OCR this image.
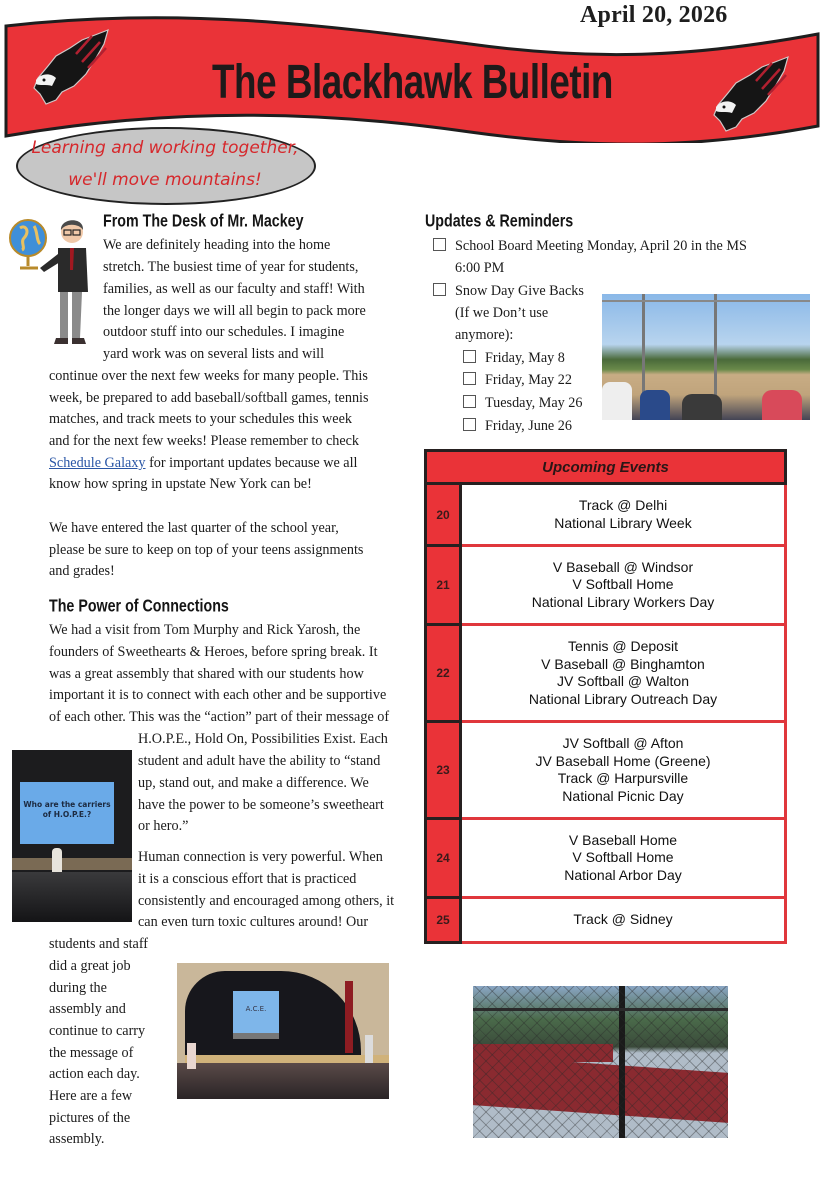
April 20, 2026
The Blackhawk Bulletin
Learning and working together,
we'll move mountains!
From The Desk of Mr. Mackey
We are definitely heading into the home
stretch. The busiest time of year for students,
families, as well as our faculty and staff! With
the longer days we will all begin to pack more
outdoor stuff into our schedules. I imagine
yard work was on several lists and will
continue over the next few weeks for many people. This
week, be prepared to add baseball/softball games, tennis
matches, and track meets to your schedules this week
and for the next few weeks! Please remember to check
Schedule Galaxy for important updates because we all
know how spring in upstate New York can be!
We have entered the last quarter of the school year,
please be sure to keep on top of your teens assignments
and grades!
The Power of Connections
We had a visit from Tom Murphy and Rick Yarosh, the
founders of Sweethearts & Heroes, before spring break. It
was a great assembly that shared with our students how
important it is to connect with each other and be supportive
of each other. This was the “action” part of their message of
H.O.P.E., Hold On, Possibilities Exist. Each
student and adult have the ability to “stand
up, stand out, and make a difference. We
have the power to be someone’s sweetheart
or hero.”
Human connection is very powerful. When
it is a conscious effort that is practiced
consistently and encouraged among others, it
can even turn toxic cultures around! Our
students and staff
did a great job
during the
assembly and
continue to carry
the message of
action each day.
Here are a few
pictures of the
assembly.
Who are the carriers of H.O.P.E.?
A.C.E.
Updates & Reminders
School Board Meeting Monday, April 20 in the MS
6:00 PM
Snow Day Give Backs
(If we Don’t use
anymore):
Friday, May 8
Friday, May 22
Tuesday, May 26
Friday, June 26
Upcoming Events
20
Track @ Delhi
National Library Week
21
V Baseball @ Windsor
V Softball Home
National Library Workers Day
22
Tennis @ Deposit
V Baseball @ Binghamton
JV Softball @ Walton
National Library Outreach Day
23
JV Softball @ Afton
JV Baseball Home (Greene)
Track @ Harpursville
National Picnic Day
24
V Baseball Home
V Softball Home
National Arbor Day
25	Track @ Sidney
